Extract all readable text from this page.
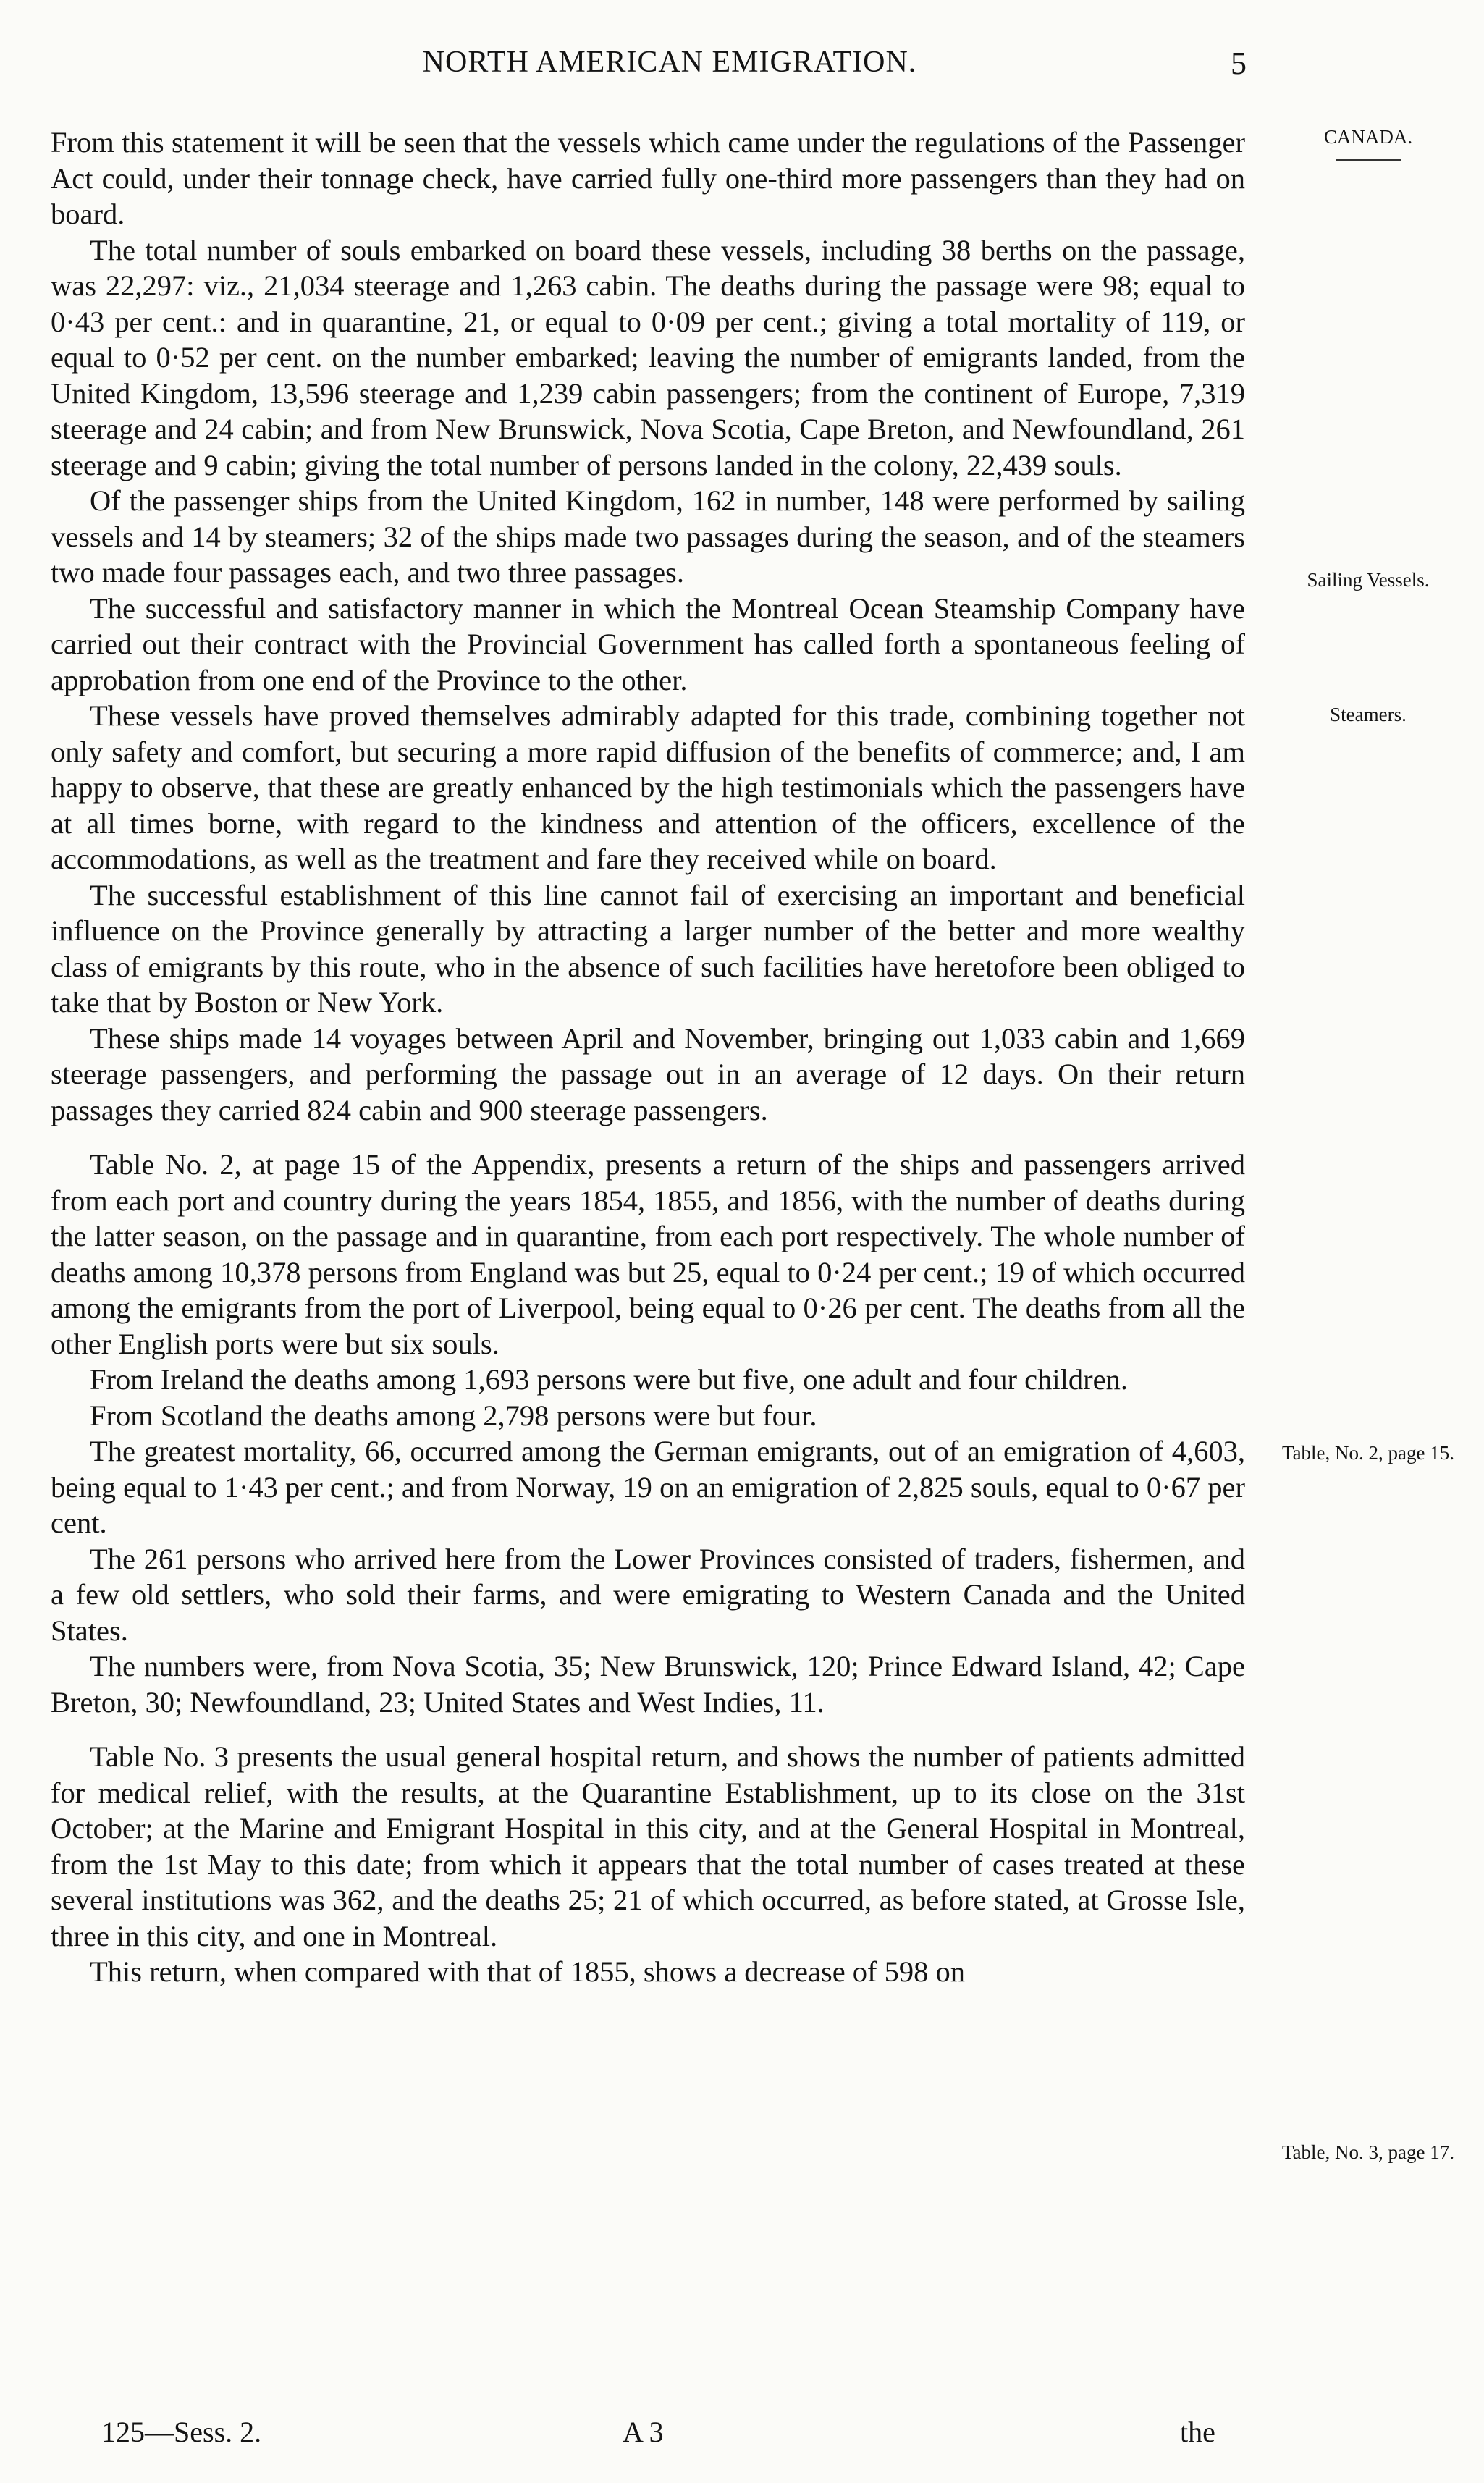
NORTH AMERICAN EMIGRATION.	5
CANADA.
Sailing Vessels.
Steamers.
Table, No. 2, page 15.
Table, No. 3, page 17.

From this statement it will be seen that the vessels which came under the regulations of the Passenger Act could, under their tonnage check, have carried fully one-third more passengers than they had on board.

The total number of souls embarked on board these vessels, including 38 berths on the passage, was 22,297: viz., 21,034 steerage and 1,263 cabin. The deaths during the passage were 98; equal to 0·43 per cent.: and in quarantine, 21, or equal to 0·09 per cent.; giving a total mortality of 119, or equal to 0·52 per cent. on the number embarked; leaving the number of emigrants landed, from the United Kingdom, 13,596 steerage and 1,239 cabin passengers; from the continent of Europe, 7,319 steerage and 24 cabin; and from New Brunswick, Nova Scotia, Cape Breton, and Newfoundland, 261 steerage and 9 cabin; giving the total number of persons landed in the colony, 22,439 souls.

Of the passenger ships from the United Kingdom, 162 in number, 148 were performed by sailing vessels and 14 by steamers; 32 of the ships made two passages during the season, and of the steamers two made four passages each, and two three passages.

The successful and satisfactory manner in which the Montreal Ocean Steamship Company have carried out their contract with the Provincial Government has called forth a spontaneous feeling of approbation from one end of the Province to the other.

These vessels have proved themselves admirably adapted for this trade, combining together not only safety and comfort, but securing a more rapid diffusion of the benefits of commerce; and, I am happy to observe, that these are greatly enhanced by the high testimonials which the passengers have at all times borne, with regard to the kindness and attention of the officers, excellence of the accommodations, as well as the treatment and fare they received while on board.

The successful establishment of this line cannot fail of exercising an important and beneficial influence on the Province generally by attracting a larger number of the better and more wealthy class of emigrants by this route, who in the absence of such facilities have heretofore been obliged to take that by Boston or New York.

These ships made 14 voyages between April and November, bringing out 1,033 cabin and 1,669 steerage passengers, and performing the passage out in an average of 12 days. On their return passages they carried 824 cabin and 900 steerage passengers.

Table No. 2, at page 15 of the Appendix, presents a return of the ships and passengers arrived from each port and country during the years 1854, 1855, and 1856, with the number of deaths during the latter season, on the passage and in quarantine, from each port respectively. The whole number of deaths among 10,378 persons from England was but 25, equal to 0·24 per cent.; 19 of which occurred among the emigrants from the port of Liverpool, being equal to 0·26 per cent. The deaths from all the other English ports were but six souls.

From Ireland the deaths among 1,693 persons were but five, one adult and four children.

From Scotland the deaths among 2,798 persons were but four.

The greatest mortality, 66, occurred among the German emigrants, out of an emigration of 4,603, being equal to 1·43 per cent.; and from Norway, 19 on an emigration of 2,825 souls, equal to 0·67 per cent.

The 261 persons who arrived here from the Lower Provinces consisted of traders, fishermen, and a few old settlers, who sold their farms, and were emigrating to Western Canada and the United States.

The numbers were, from Nova Scotia, 35; New Brunswick, 120; Prince Edward Island, 42; Cape Breton, 30; Newfoundland, 23; United States and West Indies, 11.

Table No. 3 presents the usual general hospital return, and shows the number of patients admitted for medical relief, with the results, at the Quarantine Establishment, up to its close on the 31st October; at the Marine and Emigrant Hospital in this city, and at the General Hospital in Montreal, from the 1st May to this date; from which it appears that the total number of cases treated at these several institutions was 362, and the deaths 25; 21 of which occurred, as before stated, at Grosse Isle, three in this city, and one in Montreal.

This return, when compared with that of 1855, shows a decrease of 598 on

125—Sess. 2.	A 3	the
